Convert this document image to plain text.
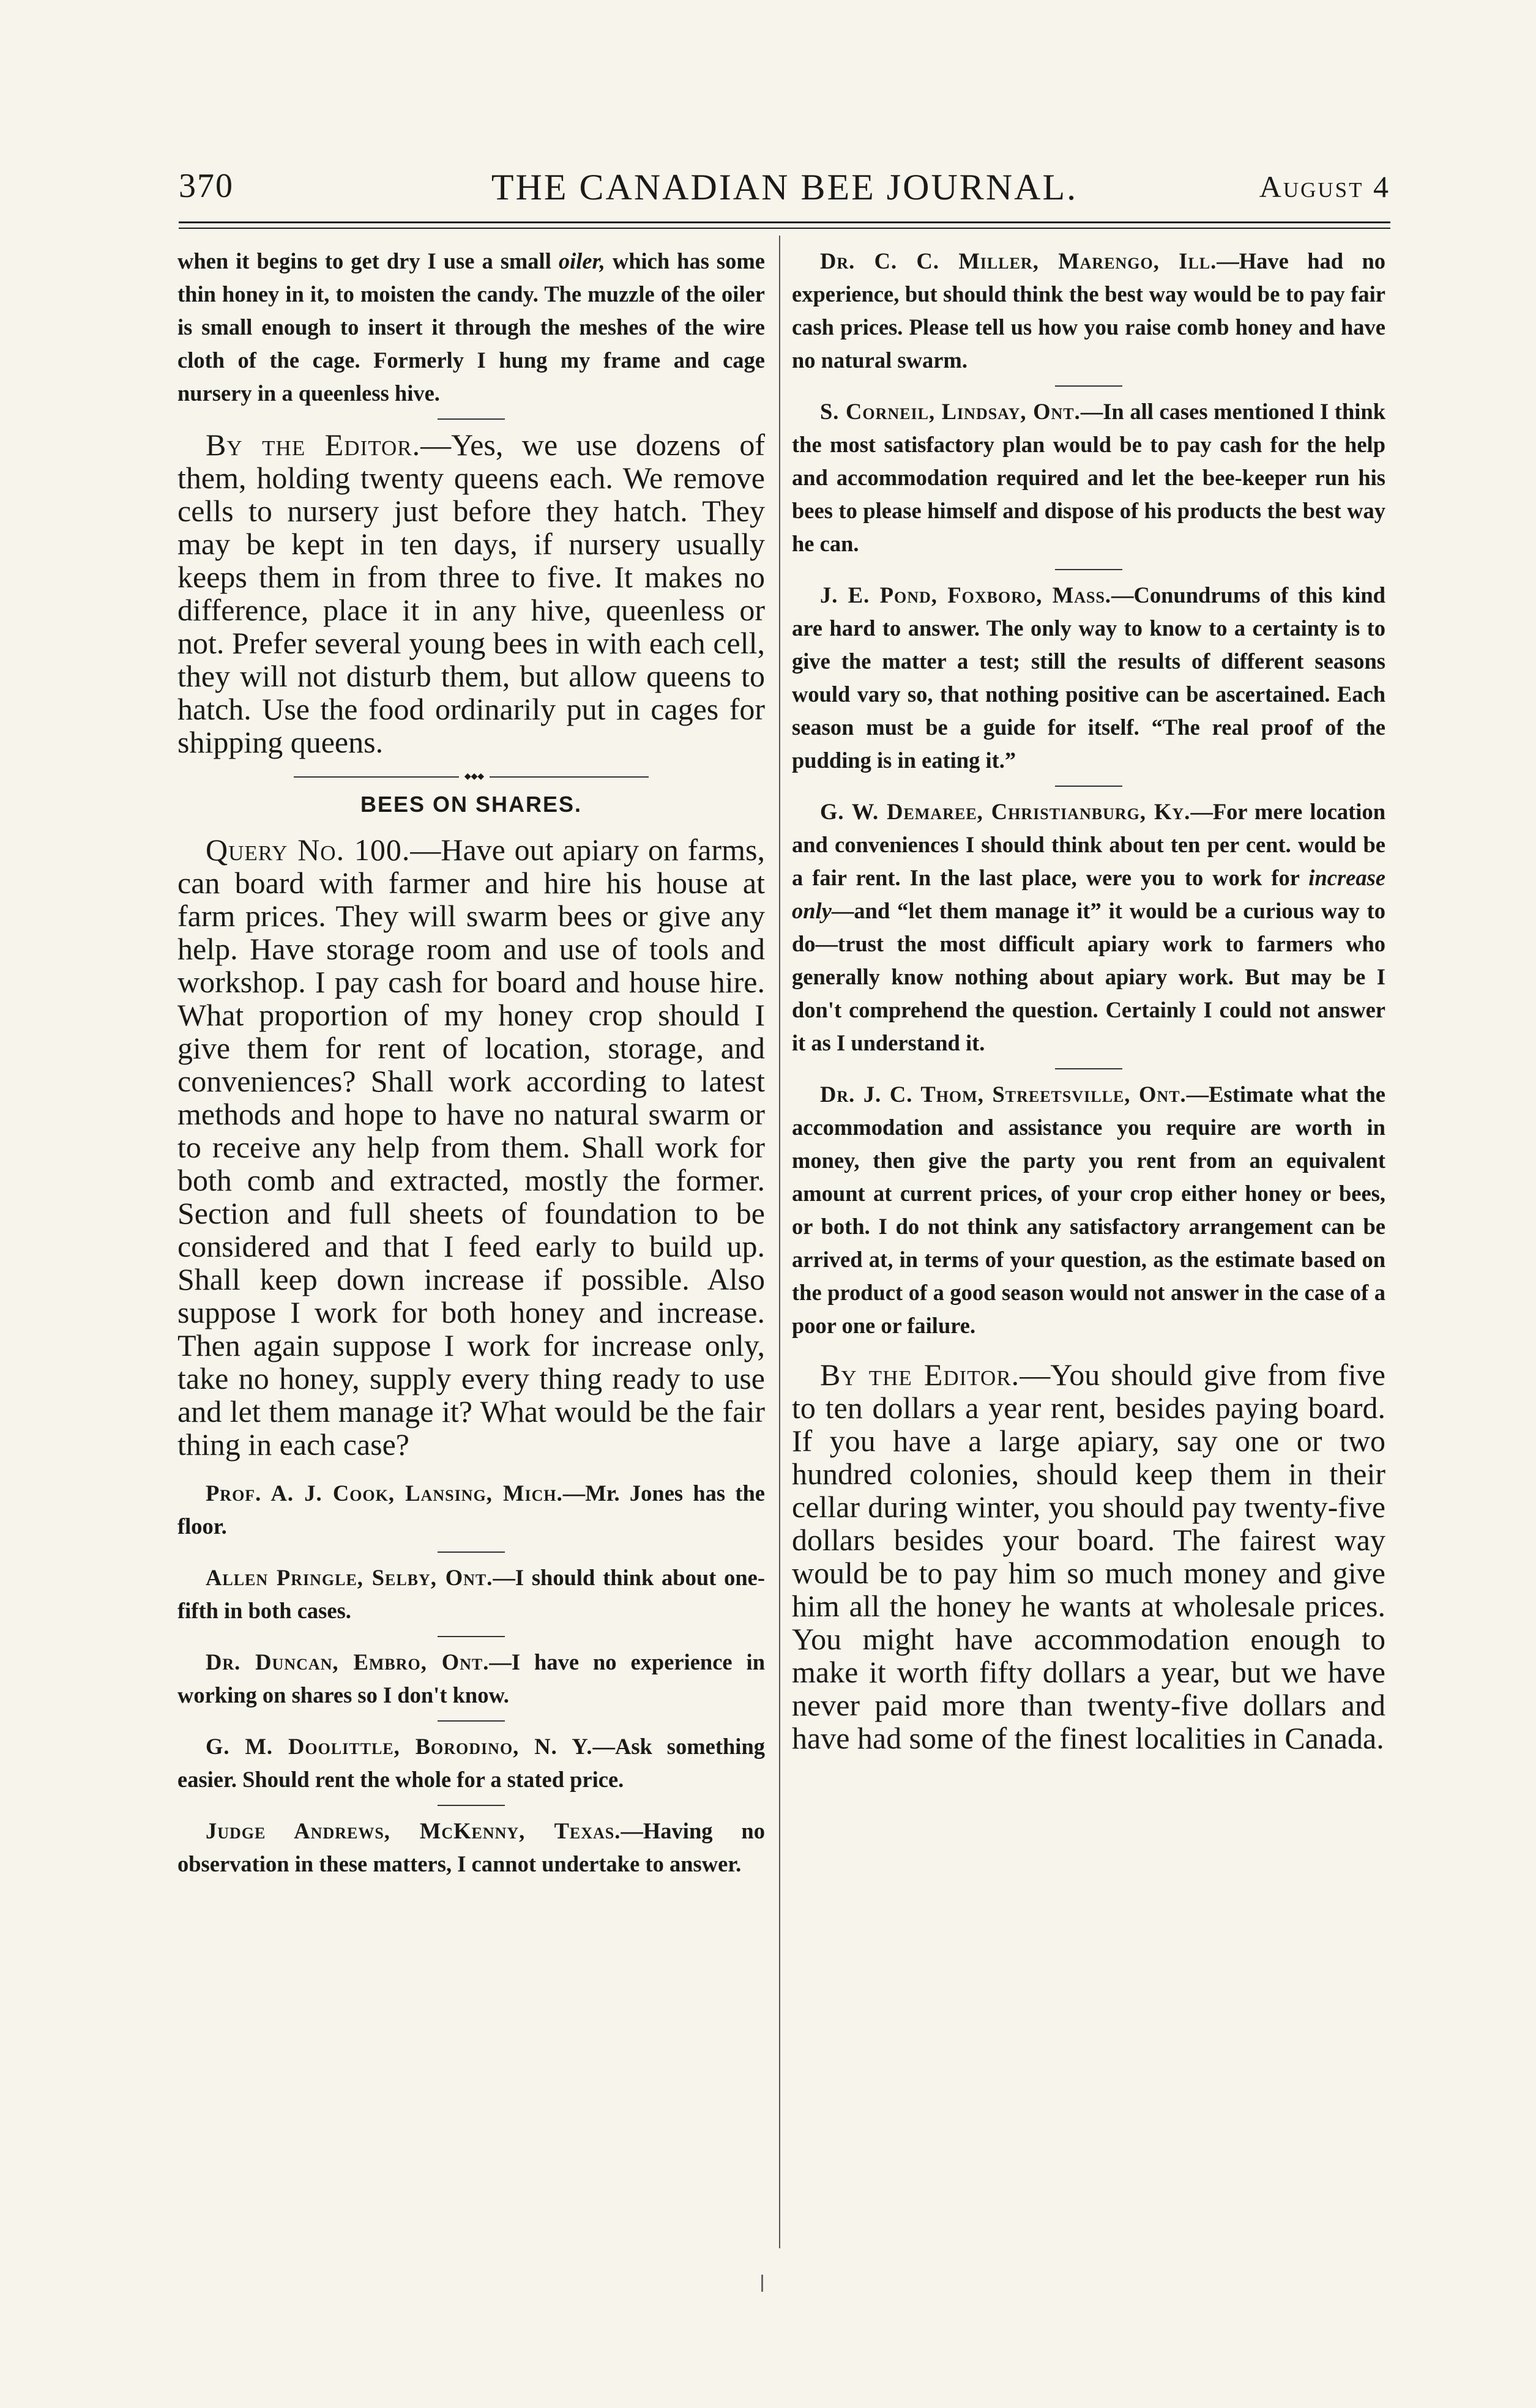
370	THE CANADIAN BEE JOURNAL.	August 4

when it begins to get dry I use a small oiler, which has some thin honey in it, to moisten the candy. The muzzle of the oiler is small enough to insert it through the meshes of the wire cloth of the cage. Formerly I hung my frame and cage nursery in a queenless hive.

By the Editor.—Yes, we use dozens of them, holding twenty queens each. We remove cells to nursery just before they hatch. They may be kept in ten days, if nursery usually keeps them in from three to five. It makes no difference, place it in any hive, queenless or not. Prefer several young bees in with each cell, they will not disturb them, but allow queens to hatch. Use the food ordinarily put in cages for shipping queens.

◆◆◆
BEES ON SHARES.

Query No. 100.—Have out apiary on farms, can board with farmer and hire his house at farm prices. They will swarm bees or give any help. Have storage room and use of tools and workshop. I pay cash for board and house hire. What proportion of my honey crop should I give them for rent of location, storage, and conveniences? Shall work according to latest methods and hope to have no natural swarm or to receive any help from them. Shall work for both comb and extracted, mostly the former. Section and full sheets of foundation to be considered and that I feed early to build up. Shall keep down increase if possible. Also suppose I work for both honey and increase. Then again suppose I work for increase only, take no honey, supply every thing ready to use and let them manage it? What would be the fair thing in each case?

Prof. A. J. Cook, Lansing, Mich.—Mr. Jones has the floor.

Allen Pringle, Selby, Ont.—I should think about one-fifth in both cases.

Dr. Duncan, Embro, Ont.—I have no experience in working on shares so I don't know.

G. M. Doolittle, Borodino, N. Y.—Ask something easier. Should rent the whole for a stated price.

Judge Andrews, McKenny, Texas.—Having no observation in these matters, I cannot undertake to answer.

Dr. C. C. Miller, Marengo, Ill.—Have had no experience, but should think the best way would be to pay fair cash prices. Please tell us how you raise comb honey and have no natural swarm.

S. Corneil, Lindsay, Ont.—In all cases mentioned I think the most satisfactory plan would be to pay cash for the help and accommodation required and let the bee-keeper run his bees to please himself and dispose of his products the best way he can.

J. E. Pond, Foxboro, Mass.—Conundrums of this kind are hard to answer. The only way to know to a certainty is to give the matter a test; still the results of different seasons would vary so, that nothing positive can be ascertained. Each season must be a guide for itself. “The real proof of the pudding is in eating it.”

G. W. Demaree, Christianburg, Ky.—For mere location and conveniences I should think about ten per cent. would be a fair rent. In the last place, were you to work for increase only—and “let them manage it” it would be a curious way to do—trust the most difficult apiary work to farmers who generally know nothing about apiary work. But may be I don't comprehend the question. Certainly I could not answer it as I understand it.

Dr. J. C. Thom, Streetsville, Ont.—Estimate what the accommodation and assistance you require are worth in money, then give the party you rent from an equivalent amount at current prices, of your crop either honey or bees, or both. I do not think any satisfactory arrangement can be arrived at, in terms of your question, as the estimate based on the product of a good season would not answer in the case of a poor one or failure.

By the Editor.—You should give from five to ten dollars a year rent, besides paying board. If you have a large apiary, say one or two hundred colonies, should keep them in their cellar during winter, you should pay twenty-five dollars besides your board. The fairest way would be to pay him so much money and give him all the honey he wants at wholesale prices. You might have accommodation enough to make it worth fifty dollars a year, but we have never paid more than twenty-five dollars and have had some of the finest localities in Canada.
